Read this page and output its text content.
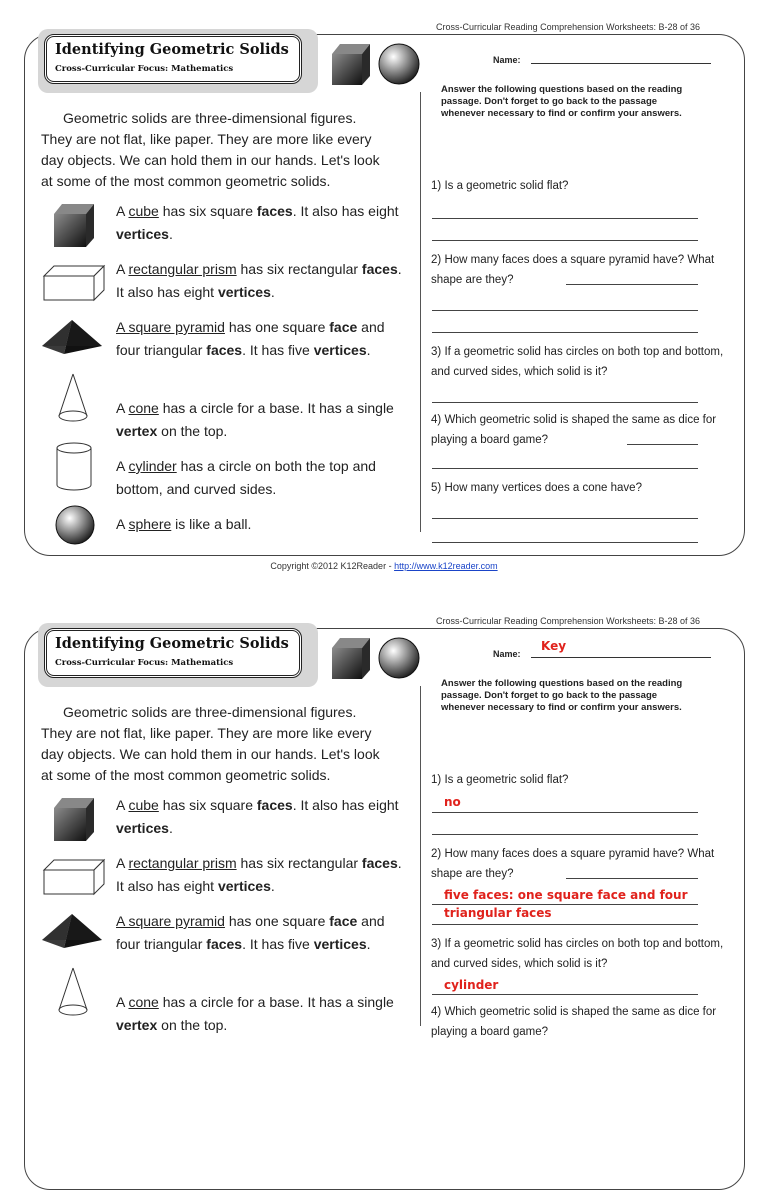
Cross-Curricular Reading Comprehension Worksheets: B-28 of 36
Identifying Geometric Solids
Cross-Curricular Focus: Mathematics
Name:
Answer the following questions based on the reading passage. Don't forget to go back to the passage whenever necessary to find or confirm your answers.
Geometric solids are three-dimensional figures. They are not flat, like paper. They are more like every day objects. We can hold them in our hands. Let's look at some of the most common geometric solids.
A cube has six square faces. It also has eight vertices.
A rectangular prism has six rectangular faces. It also has eight vertices.
A square pyramid has one square face and four triangular faces. It has five vertices.
A cone has a circle for a base. It has a single vertex on the top.
A cylinder has a circle on both the top and bottom, and curved sides.
A sphere is like a ball.
1) Is a geometric solid flat?
2) How many faces does a square pyramid have? What shape are they?
3) If a geometric solid has circles on both top and bottom, and curved sides, which solid is it?
4) Which geometric solid is shaped the same as dice for playing a board game?
5) How many vertices does a cone have?
Copyright ©2012 K12Reader - http://www.k12reader.com
Cross-Curricular Reading Comprehension Worksheets: B-28 of 36
Identifying Geometric Solids
Cross-Curricular Focus: Mathematics
Name:
Key
Answer the following questions based on the reading passage. Don't forget to go back to the passage whenever necessary to find or confirm your answers.
Geometric solids are three-dimensional figures. They are not flat, like paper. They are more like every day objects. We can hold them in our hands. Let's look at some of the most common geometric solids.
A cube has six square faces. It also has eight vertices.
A rectangular prism has six rectangular faces. It also has eight vertices.
A square pyramid has one square face and four triangular faces. It has five vertices.
A cone has a circle for a base. It has a single vertex on the top.
1) Is a geometric solid flat?
no
2) How many faces does a square pyramid have? What shape are they?
five faces: one square face and four
triangular faces
3) If a geometric solid has circles on both top and bottom, and curved sides, which solid is it?
cylinder
4) Which geometric solid is shaped the same as dice for playing a board game?
